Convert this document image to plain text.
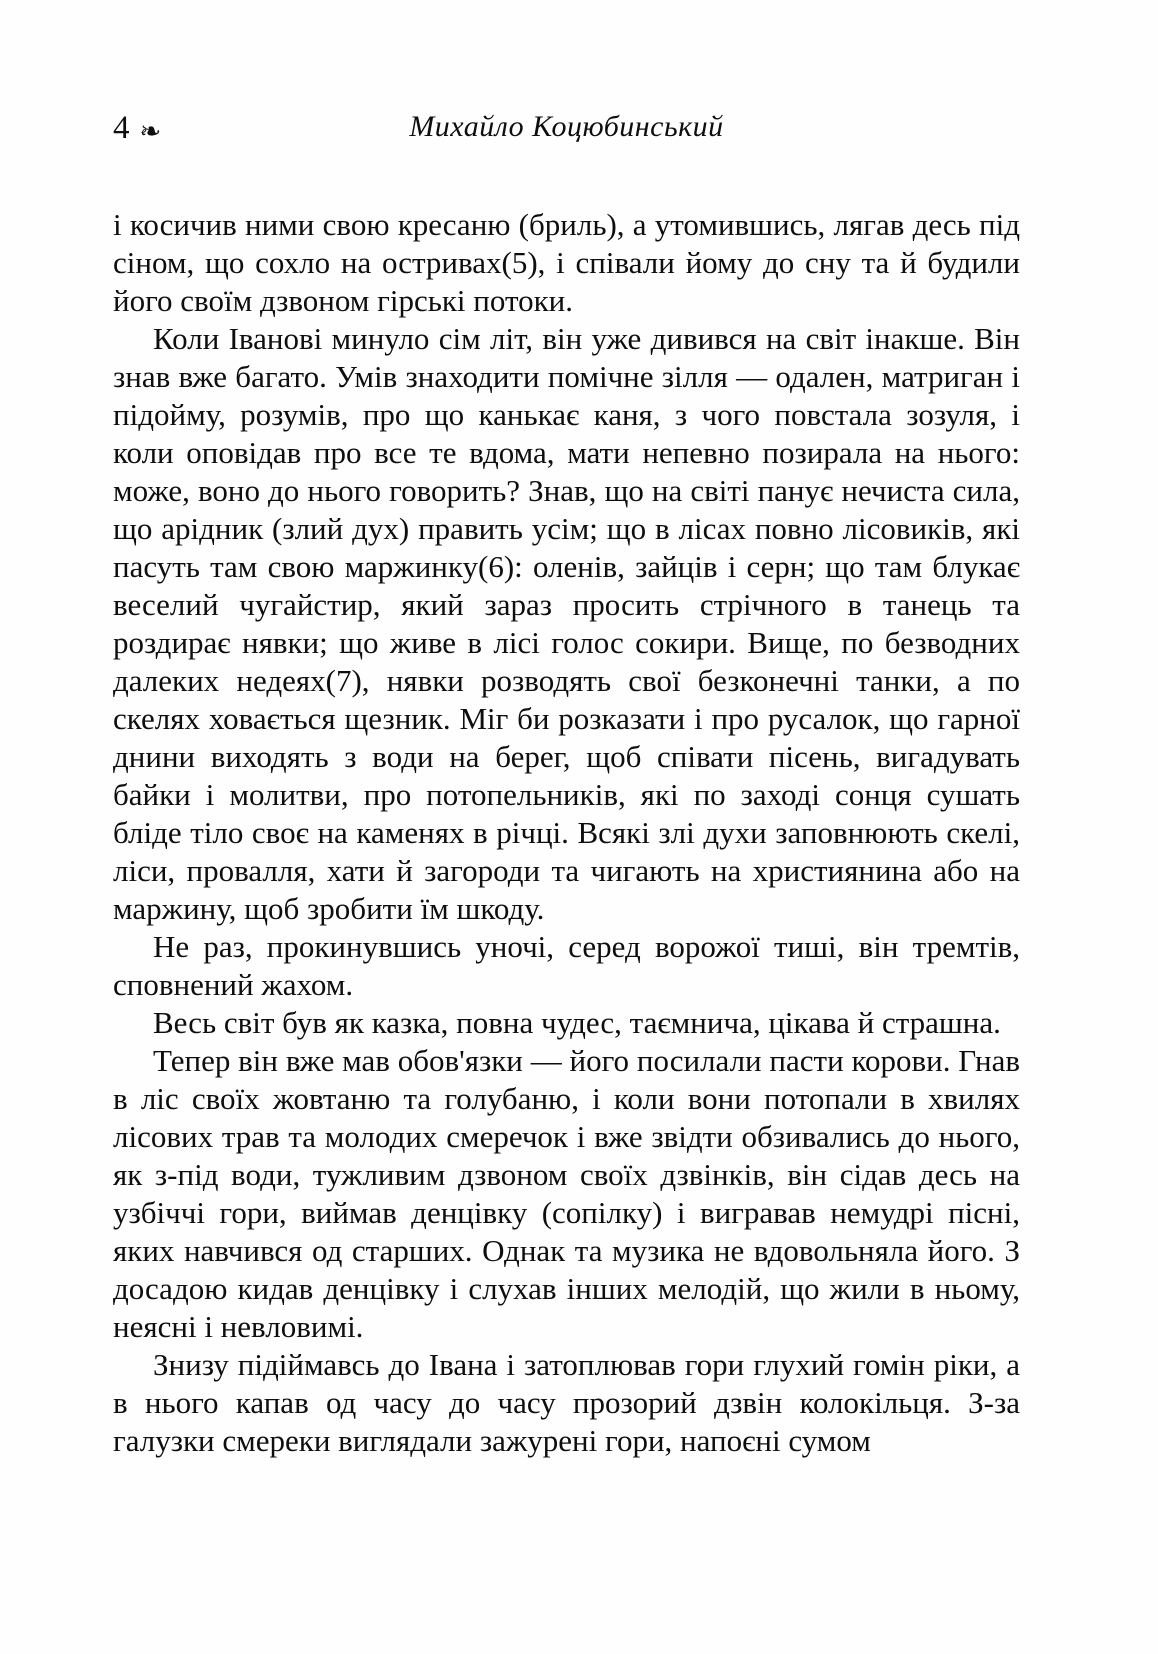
4 ❧	Михайло Коцюбинський

і косичив ними свою кресаню (бриль), а утомившись, лягав десь під сіном, що сохло на остривах(5), і співали йому до сну та й будили його своїм дзвоном гірські потоки.

Коли Іванові минуло сім літ, він уже дивився на світ інакше. Він знав вже багато. Умів знаходити помічне зілля — одален, матриган і підойму, розумів, про що канькає каня, з чого повстала зозуля, і коли оповідав про все те вдома, мати непевно позирала на нього: може, воно до нього говорить? Знав, що на світі панує нечиста сила, що арідник (злий дух) править усім; що в лісах повно лісовиків, які пасуть там свою маржинку(6): оленів, зайців і серн; що там блукає веселий чугайстир, який зараз просить стрічного в танець та роздирає нявки; що живе в лісі голос сокири. Вище, по безводних далеких недеях(7), нявки розводять свої безконечні танки, а по скелях ховається щезник. Міг би розказати і про русалок, що гарної днини виходять з води на берег, щоб співати пісень, вигадувать байки і молитви, про потопельників, які по заході сонця сушать бліде тіло своє на каменях в річці. Всякі злі духи заповнюють скелі, ліси, провалля, хати й загороди та чигають на християнина або на маржину, щоб зробити їм шкоду.

Не раз, прокинувшись уночі, серед ворожої тиші, він тремтів, сповнений жахом.

Весь світ був як казка, повна чудес, таємнича, цікава й страшна.

Тепер він вже мав обов'язки — його посилали пасти корови. Гнав в ліс своїх жовтаню та голубаню, і коли вони потопали в хвилях лісових трав та молодих смеречок і вже звідти обзивались до нього, як з-під води, тужливим дзвоном своїх дзвінків, він сідав десь на узбіччі гори, виймав денцівку (сопілку) і вигравав немудрі пісні, яких навчився од старших. Однак та музика не вдовольняла його. З досадою кидав денцівку і слухав інших мелодій, що жили в ньому, неясні і невловимі.

Знизу підіймавсь до Івана і затоплював гори глухий гомін ріки, а в нього капав од часу до часу прозорий дзвін колокільця. З-за галузки смереки виглядали зажурені гори, напоєні сумом
